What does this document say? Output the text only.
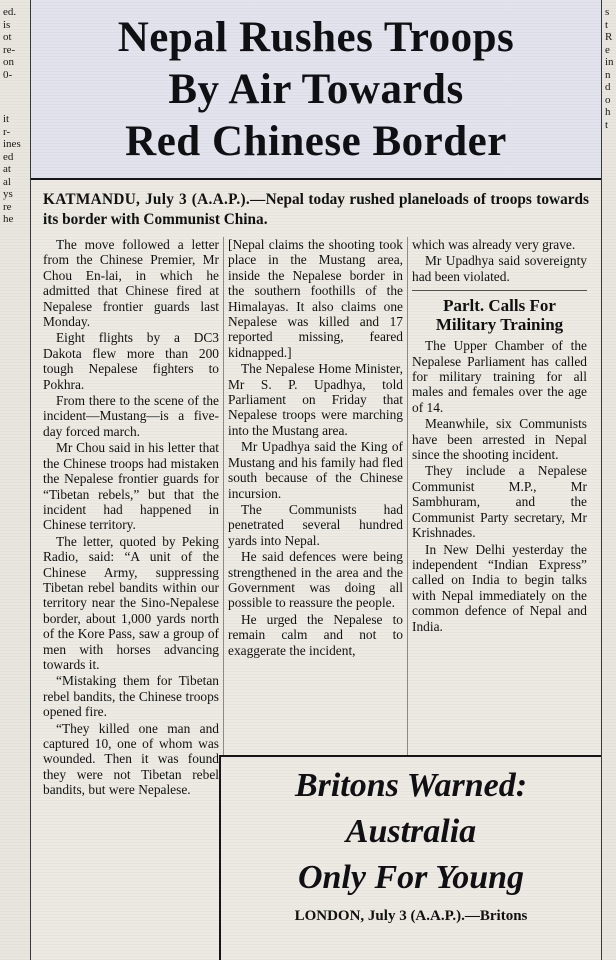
ed.
is
ot
re-
on
0-
it
r-
ines
ed
at
al
ys
re
he
Nepal Rushes Troops
By Air Towards
Red Chinese Border
KATMANDU, July 3 (A.A.P.).—Nepal today rushed planeloads of troops towards its border with Communist China.

The move followed a letter from the Chinese Premier, Mr Chou En-lai, in which he admitted that Chinese fired at Nepalese frontier guards last Monday.

Eight flights by a DC3 Dakota flew more than 200 tough Nepalese fighters to Pokhra.

From there to the scene of the incident—Mustang—is a five-day forced march.

Mr Chou said in his letter that the Chinese troops had mistaken the Nepalese frontier guards for “Tibetan rebels,” but that the incident had happened in Chinese territory.

The letter, quoted by Peking Radio, said: “A unit of the Chinese Army, suppressing Tibetan rebel bandits within our territory near the Sino-Nepalese border, about 1,000 yards north of the Kore Pass, saw a group of men with horses advancing towards it.

“Mistaking them for Tibetan rebel bandits, the Chinese troops opened fire.

“They killed one man and captured 10, one of whom was wounded. Then it was found they were not Tibetan rebel bandits, but were Nepalese.

[Nepal claims the shooting took place in the Mustang area, inside the Nepalese border in the southern foothills of the Himalayas. It also claims one Nepalese was killed and 17 reported missing, feared kidnapped.]

The Nepalese Home Minister, Mr S. P. Upadhya, told Parliament on Friday that Nepalese troops were marching into the Mustang area.

Mr Upadhya said the King of Mustang and his family had fled south because of the Chinese incursion.

The Communists had penetrated several hundred yards into Nepal.

He said defences were being strengthened in the area and the Government was doing all possible to reassure the people.

He urged the Nepalese to remain calm and not to exaggerate the incident,

which was already very grave.

Mr Upadhya said sovereignty had been violated.

Parlt. Calls For Military Training

The Upper Chamber of the Nepalese Parliament has called for military training for all males and females over the age of 14.

Meanwhile, six Communists have been arrested in Nepal since the shooting incident.

They include a Nepalese Communist M.P., Mr Sambhuram, and the Communist Party secretary, Mr Krishnades.

In New Delhi yesterday the independent “Indian Express” called on India to begin talks with Nepal immediately on the common defence of Nepal and India.

Britons Warned:
Australia
Only For Young
LONDON, July 3 (A.A.P.).—Britons
s
t
R
e
in
n
d
o
h
t
